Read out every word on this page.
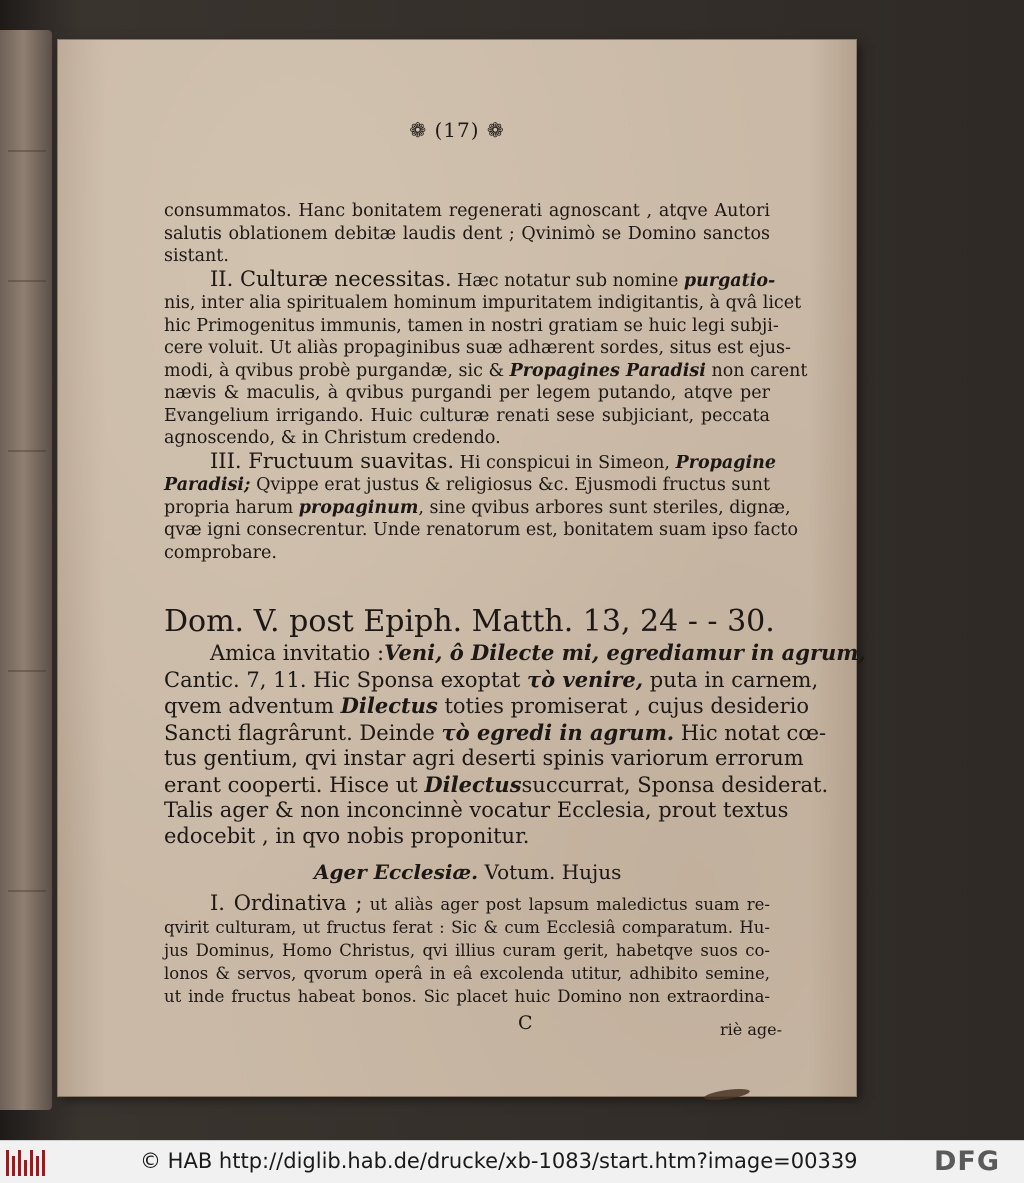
❁ (17) ❁
consummatos. Hanc bonitatem regenerati agnoscant , atqve Autori
salutis oblationem debitæ laudis dent ; Qvinimò se Domino sanctos
sistant.
II. Culturæ necessitas. Hæc notatur sub nomine purgatio-
nis, inter alia spiritualem hominum impuritatem indigitantis, à qvâ licet
hic Primogenitus immunis, tamen in nostri gratiam se huic legi subji-
cere voluit. Ut aliàs propaginibus suæ adhærent sordes, situs est ejus-
modi, à qvibus probè purgandæ, sic & Propagines Paradisi non carent
nævis & maculis, à qvibus purgandi per legem putando, atqve per
Evangelium irrigando. Huic culturæ renati sese subjiciant, peccata
agnoscendo, & in Christum credendo.
III. Fructuum suavitas. Hi conspicui in Simeon, Propagine
Paradisi; Qvippe erat justus & religiosus &c. Ejusmodi fructus sunt
propria harum propaginum, sine qvibus arbores sunt steriles, dignæ,
qvæ igni consecrentur. Unde renatorum est, bonitatem suam ipso facto
comprobare.
Dom. V. post Epiph. Matth. 13, 24 - - 30.
Amica invitatio :Veni, ô Dilecte mi, egrediamur in agrum,
Cantic. 7, 11. Hic Sponsa exoptat τὸ venire, puta in carnem,
qvem adventum Dilectus toties promiserat , cujus desiderio
Sancti flagrârunt. Deinde τὸ egredi in agrum. Hic notat cœ-
tus gentium, qvi instar agri deserti spinis variorum errorum
erant cooperti. Hisce ut Dilectussuccurrat, Sponsa desiderat.
Talis ager & non inconcinnè vocatur Ecclesia, prout textus
edocebit , in qvo nobis proponitur.
Ager Ecclesiæ. Votum. Hujus
I. Ordinativa ; ut aliàs ager post lapsum maledictus suam re-
qvirit culturam, ut fructus ferat : Sic & cum Ecclesiâ comparatum. Hu-
jus Dominus, Homo Christus, qvi illius curam gerit, habetqve suos co-
lonos & servos, qvorum operâ in eâ excolenda utitur, adhibito semine,
ut inde fructus habeat bonos. Sic placet huic Domino non extraordina-
C	riè age-
© HAB http://diglib.hab.de/drucke/xb-1083/start.htm?image=00339	DFG
